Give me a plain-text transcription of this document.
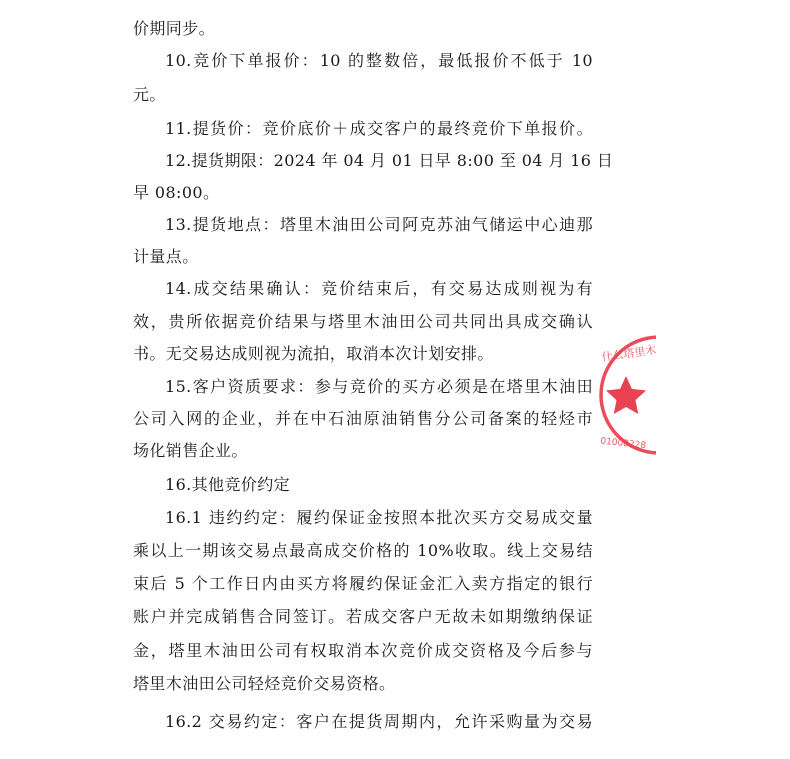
价期同步。
10.竞价下单报价：10 的整数倍，最低报价不低于 10
元。
11.提货价：竞价底价＋成交客户的最终竞价下单报价。
12.提货期限：2024 年 04 月 01 日早 8:00 至 04 月 16 日
早 08:00。
13.提货地点：塔里木油田公司阿克苏油气储运中心迪那
计量点。
14.成交结果确认：竞价结束后，有交易达成则视为有
效，贵所依据竞价结果与塔里木油田公司共同出具成交确认
书。无交易达成则视为流拍，取消本次计划安排。
15.客户资质要求：参与竞价的买方必须是在塔里木油田
公司入网的企业，并在中石油原油销售分公司备案的轻烃市
场化销售企业。
16.其他竞价约定
16.1 违约约定：履约保证金按照本批次买方交易成交量
乘以上一期该交易点最高成交价格的 10%收取。线上交易结
束后 5 个工作日内由买方将履约保证金汇入卖方指定的银行
账户并完成销售合同签订。若成交客户无故未如期缴纳保证
金，塔里木油田公司有权取消本次竞价成交资格及今后参与
塔里木油田公司轻烃竞价交易资格。
16.2 交易约定：客户在提货周期内，允许采购量为交易
什么塔里木油田
01008228
